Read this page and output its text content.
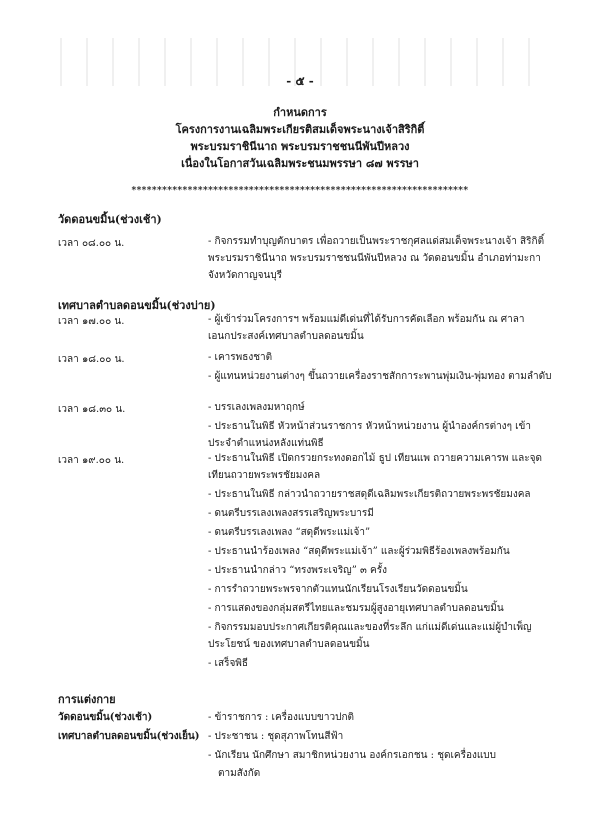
- ๕ -
กำหนดการ
โครงการงานเฉลิมพระเกียรติสมเด็จพระนางเจ้าสิริกิติ์
พระบรมราชินีนาถ พระบรมราชชนนีพันปีหลวง
เนื่องในโอกาสวันเฉลิมพระชนมพรรษา ๘๗ พรรษา
******************************************************************
วัดดอนขมิ้น(ช่วงเช้า)
เวลา ๐๘.๐๐ น.	- กิจกรรมทำบุญตักบาตร เพื่อถวายเป็นพระราชกุศลแด่สมเด็จพระนางเจ้า สิริกิติ์ พระบรมราชินีนาถ พระบรมราชชนนีพันปีหลวง ณ วัดดอนขมิ้น อำเภอท่ามะกา จังหวัดกาญจนบุรี
เทศบาลตำบลดอนขมิ้น(ช่วงบ่าย)
เวลา ๑๗.๐๐ น.	- ผู้เข้าร่วมโครงการฯ พร้อมแม่ดีเด่นที่ได้รับการคัดเลือก พร้อมกัน ณ ศาลา เอนกประสงค์เทศบาลตำบลดอนขมิ้น
เวลา ๑๘.๐๐ น.	- เคารพธงชาติ
- ผู้แทนหน่วยงานต่างๆ ขึ้นถวายเครื่องราชสักการะพานพุ่มเงิน-พุ่มทอง ตามลำดับ
เวลา ๑๘.๓๐ น.	- บรรเลงเพลงมหาฤกษ์
- ประธานในพิธี หัวหน้าส่วนราชการ หัวหน้าหน่วยงาน ผู้นำองค์กรต่างๆ เข้าประจำตำแหน่งหลังแท่นพิธี
เวลา ๑๙.๐๐ น.	- ประธานในพิธี เปิดกรวยกระทงดอกไม้ ธูป เทียนแพ ถวายความเคารพ และจุดเทียนถวายพระพรชัยมงคล
- ประธานในพิธี กล่าวนำถวายราชสดุดีเฉลิมพระเกียรติถวายพระพรชัยมงคล
- ดนตรีบรรเลงเพลงสรรเสริญพระบารมี
- ดนตรีบรรเลงเพลง “สดุดีพระแม่เจ้า”
- ประธานนำร้องเพลง “สดุดีพระแม่เจ้า” และผู้ร่วมพิธีร้องเพลงพร้อมกัน
- ประธานนำกล่าว “ทรงพระเจริญ” ๓ ครั้ง
- การรำถวายพระพรจากตัวแทนนักเรียนโรงเรียนวัดดอนขมิ้น
- การแสดงของกลุ่มสตรีไทยและชมรมผู้สูงอายุเทศบาลตำบลดอนขมิ้น
- กิจกรรมมอบประกาศเกียรติคุณและของที่ระลึก แก่แม่ดีเด่นและแม่ผู้บำเพ็ญ ประโยชน์ ของเทศบาลตำบลดอนขมิ้น
- เสร็จพิธี
การแต่งกาย
วัดดอนขมิ้น(ช่วงเช้า)	- ข้าราชการ : เครื่องแบบขาวปกติ
เทศบาลตำบลดอนขมิ้น(ช่วงเย็น) - ประชาชน : ชุดสุภาพโทนสีฟ้า
- นักเรียน นักศึกษา สมาชิกหน่วยงาน องค์กรเอกชน : ชุดเครื่องแบบ
ตามสังกัด
